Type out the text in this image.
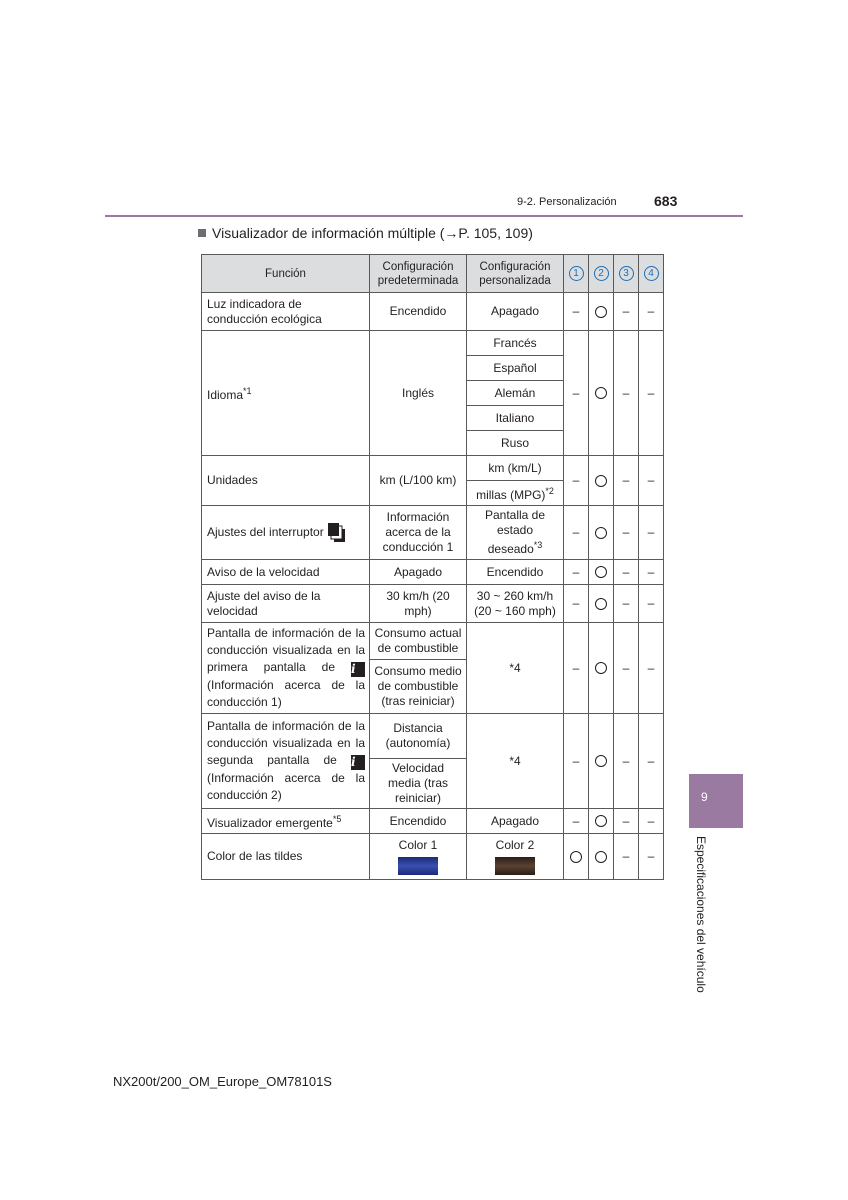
9-2. Personalización	683
Visualizador de información múltiple (→P. 105, 109)
Función	Configuración predeterminada	Configuración personalizada	1	2	3	4
Luz indicadora de conducción ecológica	Encendido	Apagado	–		–	–
Idioma$^{*1}$	Inglés	Francés	–		–	–
		Español				
		Alemán				
		Italiano				
		Ruso				
Unidades	km (L/100 km)	km (km/L)	–		–	–
		millas (MPG)$^{*2}$
Ajustes del interruptor	Información acerca de la conducción 1	Pantalla de estado deseado$^{*3}$	–		–	–
Aviso de la velocidad	Apagado	Encendido	–		–	–
Ajuste del aviso de la velocidad	30 km/h (20 mph)	30 ~ 260 km/h (20 ~ 160 mph)	–		–	–
Pantalla de información de la conducción visualizada en la primera pantalla de i (Información acerca de la conducción 1)	Consumo actual de combustible	*4	–		–	–
	Consumo medio de combustible (tras reiniciar)					
Pantalla de información de la conducción visualizada en la segunda pantalla de i (Información acerca de la conducción 2)	Distancia (autonomía)	*4	–		–	–
	Velocidad media (tras reiniciar)					
Visualizador emergente$^{*5}$	Encendido	Apagado	–		–	–
Color de las tildes	Color 1	Color 2			–	–
9
Especificaciones del vehículo
NX200t/200_OM_Europe_OM78101S
